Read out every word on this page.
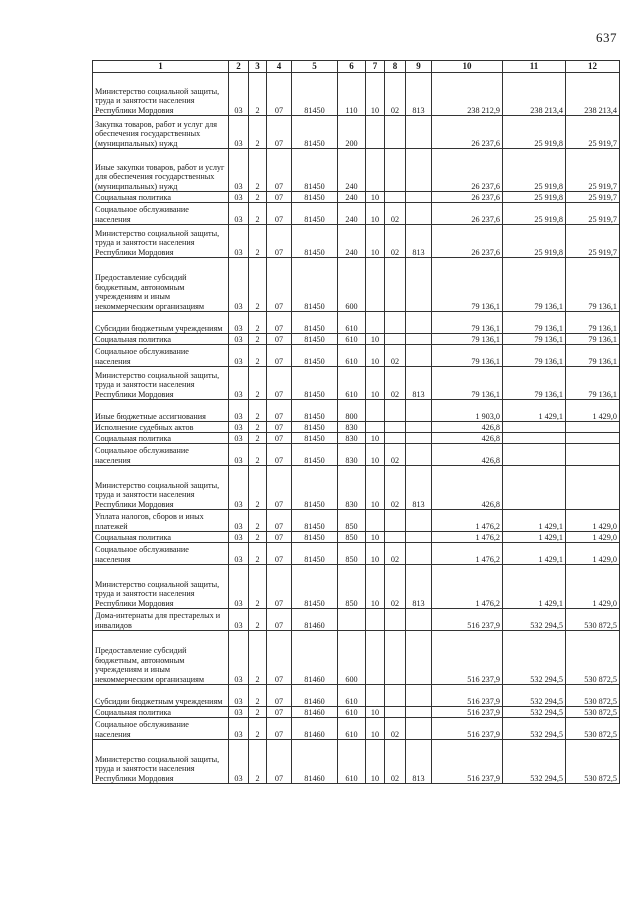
637
1	2	3	4	5	6	7	8	9	10	11	12
Министерство социальной защиты, труда и занятости населения Республики Мордовия	03	2	07	81450	110	10	02	813	238 212,9	238 213,4	238 213,4
Закупка товаров, работ и услуг для обеспечения государственных (муниципальных) нужд	03	2	07	81450	200				26 237,6	25 919,8	25 919,7
Иные закупки товаров, работ и услуг для обеспечения государственных (муниципальных) нужд	03	2	07	81450	240				26 237,6	25 919,8	25 919,7
Социальная политика	03	2	07	81450	240	10			26 237,6	25 919,8	25 919,7
Социальное обслуживание населения	03	2	07	81450	240	10	02		26 237,6	25 919,8	25 919,7
Министерство социальной защиты, труда и занятости населения Республики Мордовия	03	2	07	81450	240	10	02	813	26 237,6	25 919,8	25 919,7
Предоставление субсидий бюджетным, автономным учреждениям и иным некоммерческим организациям	03	2	07	81450	600				79 136,1	79 136,1	79 136,1
Субсидии бюджетным учреждениям	03	2	07	81450	610				79 136,1	79 136,1	79 136,1
Социальная политика	03	2	07	81450	610	10			79 136,1	79 136,1	79 136,1
Социальное обслуживание населения	03	2	07	81450	610	10	02		79 136,1	79 136,1	79 136,1
Министерство социальной защиты, труда и занятости населения Республики Мордовия	03	2	07	81450	610	10	02	813	79 136,1	79 136,1	79 136,1
Иные бюджетные ассигнования	03	2	07	81450	800				1 903,0	1 429,1	1 429,0
Исполнение судебных актов	03	2	07	81450	830				426,8		
Социальная политика	03	2	07	81450	830	10			426,8		
Социальное обслуживание населения	03	2	07	81450	830	10	02		426,8		
Министерство социальной защиты, труда и занятости населения Республики Мордовия	03	2	07	81450	830	10	02	813	426,8		
Уплата налогов, сборов и иных платежей	03	2	07	81450	850				1 476,2	1 429,1	1 429,0
Социальная политика	03	2	07	81450	850	10			1 476,2	1 429,1	1 429,0
Социальное обслуживание населения	03	2	07	81450	850	10	02		1 476,2	1 429,1	1 429,0
Министерство социальной защиты, труда и занятости населения Республики Мордовия	03	2	07	81450	850	10	02	813	1 476,2	1 429,1	1 429,0
Дома-интернаты для престарелых и инвалидов	03	2	07	81460					516 237,9	532 294,5	530 872,5
Предоставление субсидий бюджетным, автономным учреждениям и иным некоммерческим организациям	03	2	07	81460	600				516 237,9	532 294,5	530 872,5
Субсидии бюджетным учреждениям	03	2	07	81460	610				516 237,9	532 294,5	530 872,5
Социальная политика	03	2	07	81460	610	10			516 237,9	532 294,5	530 872,5
Социальное обслуживание населения	03	2	07	81460	610	10	02		516 237,9	532 294,5	530 872,5
Министерство социальной защиты, труда и занятости населения Республики Мордовия	03	2	07	81460	610	10	02	813	516 237,9	532 294,5	530 872,5
